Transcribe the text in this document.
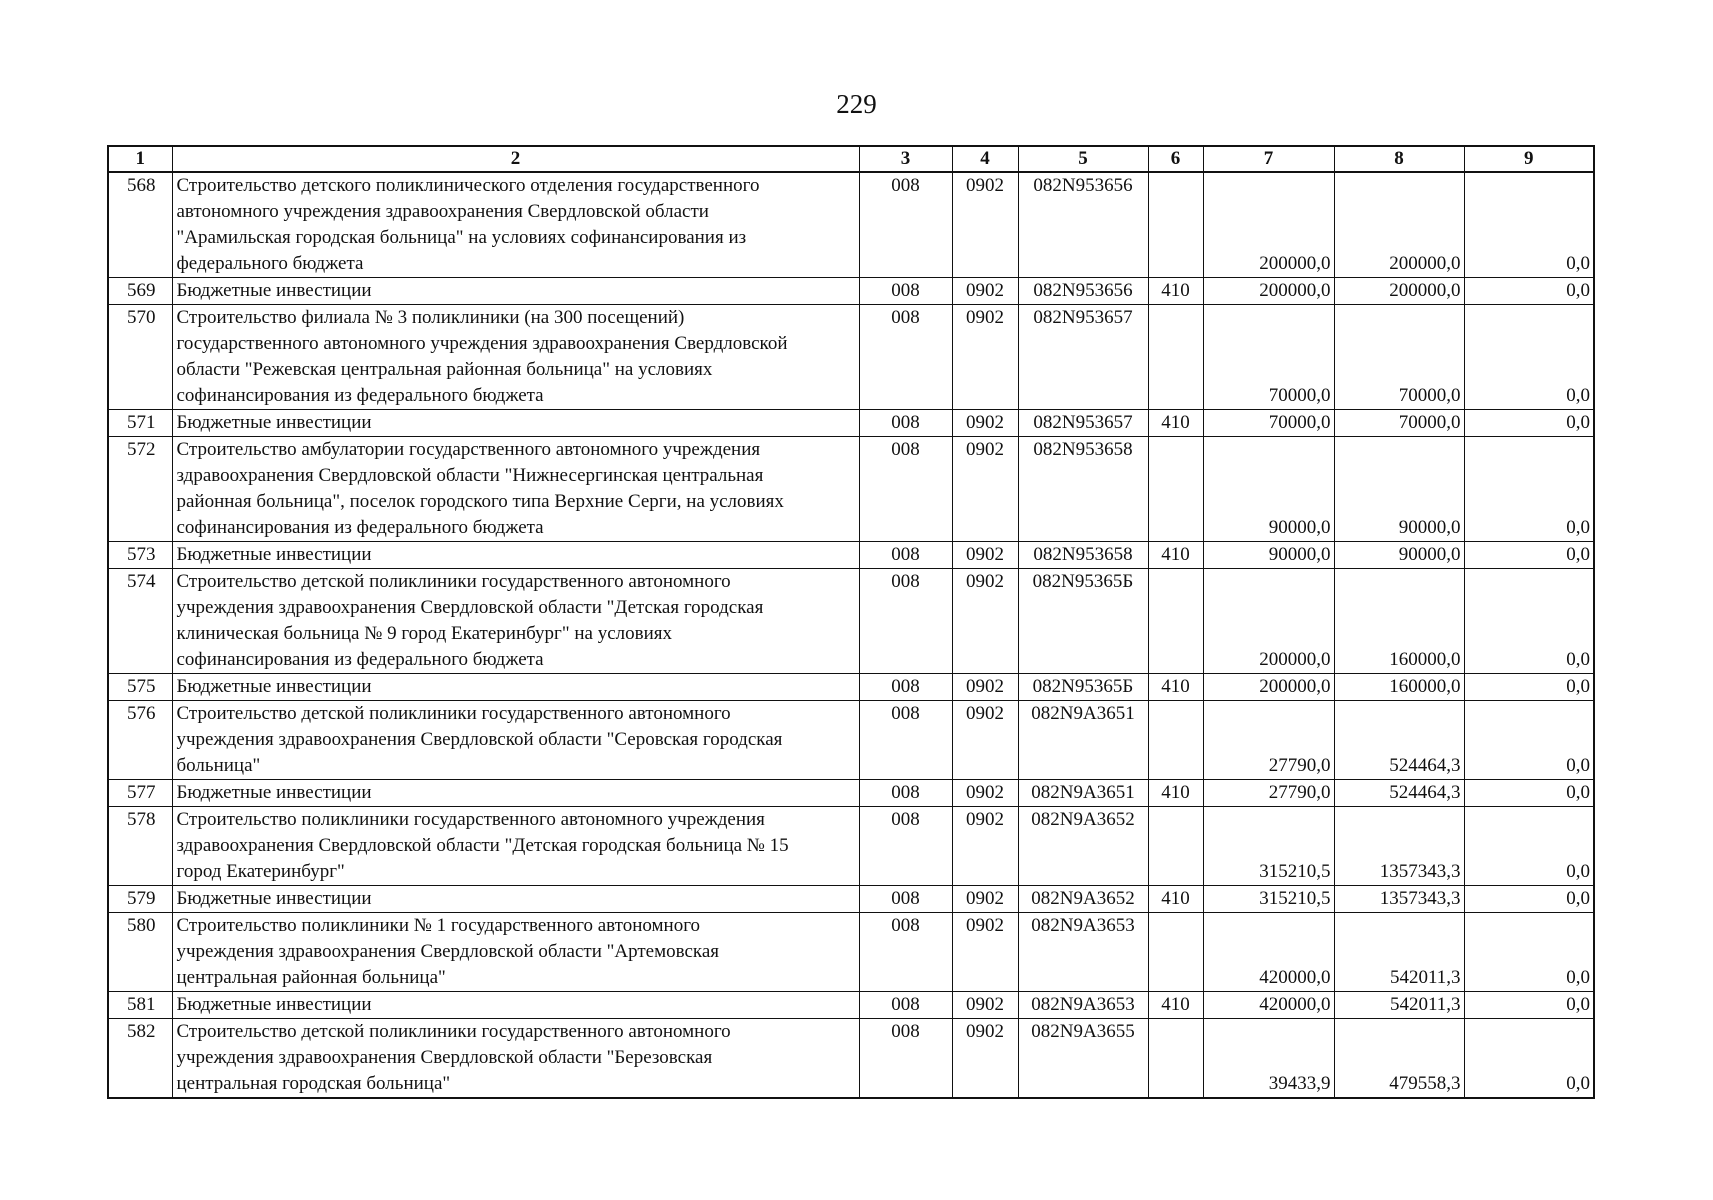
229
1	2	3	4	5	6	7	8	9
568	Строительство детского поликлинического отделения государственного
автономного учреждения здравоохранения Свердловской области
"Арамильская городская больница" на условиях софинансирования из
федерального бюджета	008	0902	082N953656		200000,0	200000,0	0,0
569	Бюджетные инвестиции	008	0902	082N953656	410	200000,0	200000,0	0,0
570	Строительство филиала № 3 поликлиники (на 300 посещений)
государственного автономного учреждения здравоохранения Свердловской
области "Режевская центральная районная больница" на условиях
софинансирования из федерального бюджета	008	0902	082N953657		70000,0	70000,0	0,0
571	Бюджетные инвестиции	008	0902	082N953657	410	70000,0	70000,0	0,0
572	Строительство амбулатории государственного автономного учреждения
здравоохранения Свердловской области "Нижнесергинская центральная
районная больница", поселок городского типа Верхние Серги, на условиях
софинансирования из федерального бюджета	008	0902	082N953658		90000,0	90000,0	0,0
573	Бюджетные инвестиции	008	0902	082N953658	410	90000,0	90000,0	0,0
574	Строительство детской поликлиники государственного автономного
учреждения здравоохранения Свердловской области "Детская городская
клиническая больница № 9 город Екатеринбург" на условиях
софинансирования из федерального бюджета	008	0902	082N95365Б		200000,0	160000,0	0,0
575	Бюджетные инвестиции	008	0902	082N95365Б	410	200000,0	160000,0	0,0
576	Строительство детской поликлиники государственного автономного
учреждения здравоохранения Свердловской области "Серовская городская
больница"	008	0902	082N9A3651		27790,0	524464,3	0,0
577	Бюджетные инвестиции	008	0902	082N9A3651	410	27790,0	524464,3	0,0
578	Строительство поликлиники государственного автономного учреждения
здравоохранения Свердловской области "Детская городская больница № 15
город Екатеринбург"	008	0902	082N9A3652		315210,5	1357343,3	0,0
579	Бюджетные инвестиции	008	0902	082N9A3652	410	315210,5	1357343,3	0,0
580	Строительство поликлиники № 1 государственного автономного
учреждения здравоохранения Свердловской области "Артемовская
центральная районная больница"	008	0902	082N9A3653		420000,0	542011,3	0,0
581	Бюджетные инвестиции	008	0902	082N9A3653	410	420000,0	542011,3	0,0
582	Строительство детской поликлиники государственного автономного
учреждения здравоохранения Свердловской области "Березовская
центральная городская больница"	008	0902	082N9A3655		39433,9	479558,3	0,0
